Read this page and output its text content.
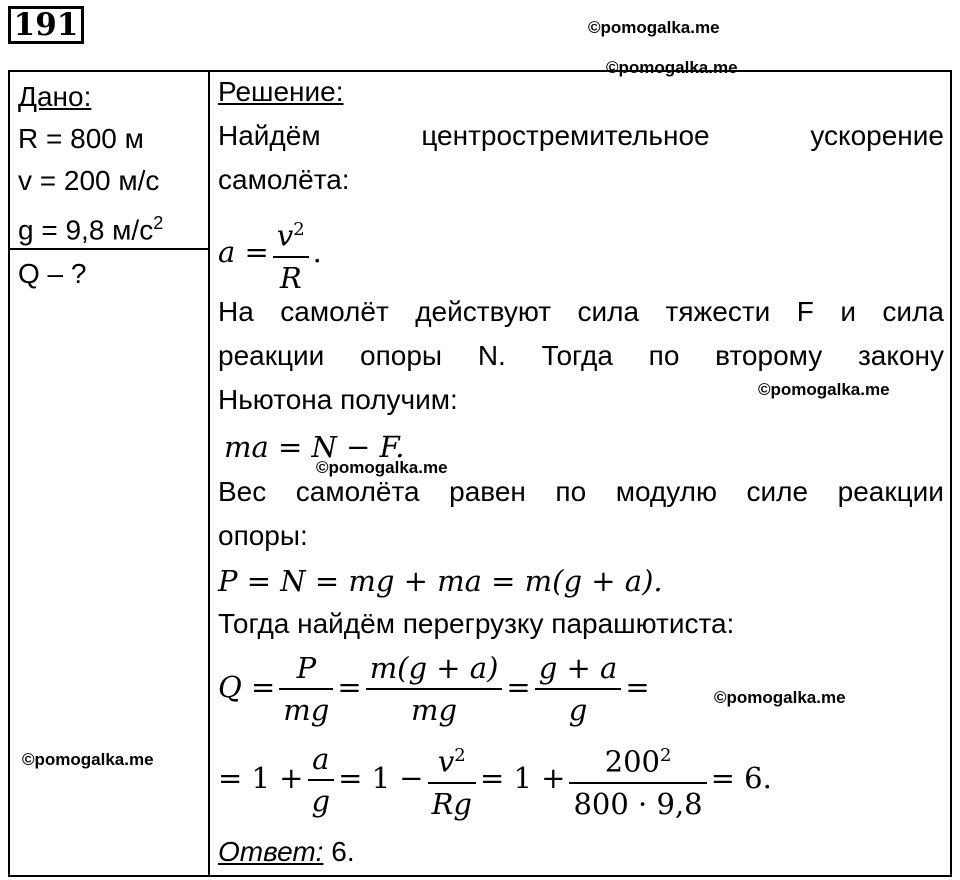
191	©pomogalka.me
©pomogalka.me
Дано:
R = 800 м
v = 200 м/с
g = 9,8 $м/с^2$
Q – ?
©pomogalka.me
Решение:
Найдём	центростремительное	ускорение
самолёта:
$a = \frac{v^2}{R}$ .
На самолёт действуют сила тяжести F и сила
реакции опоры N. Тогда по второму закону
Ньютона получим:
ma = N − F.
Вес самолёта равен по модулю силе реакции
опоры:
P = N = mg + ma = m(g + a).
Тогда найдём перегрузку парашютиста:
$Q = \frac{P}{mg} = \frac{m(g + a)}{mg} = \frac{g + a}{g}$ =
= $1 + \frac{a}{g} = 1 - \frac{v^2}{Rg} = 1 + \frac{200^2}{800 \cdot 9,8} = 6$.
Ответ: 6.
©pomogalka.me
©pomogalka.me
©pomogalka.me
